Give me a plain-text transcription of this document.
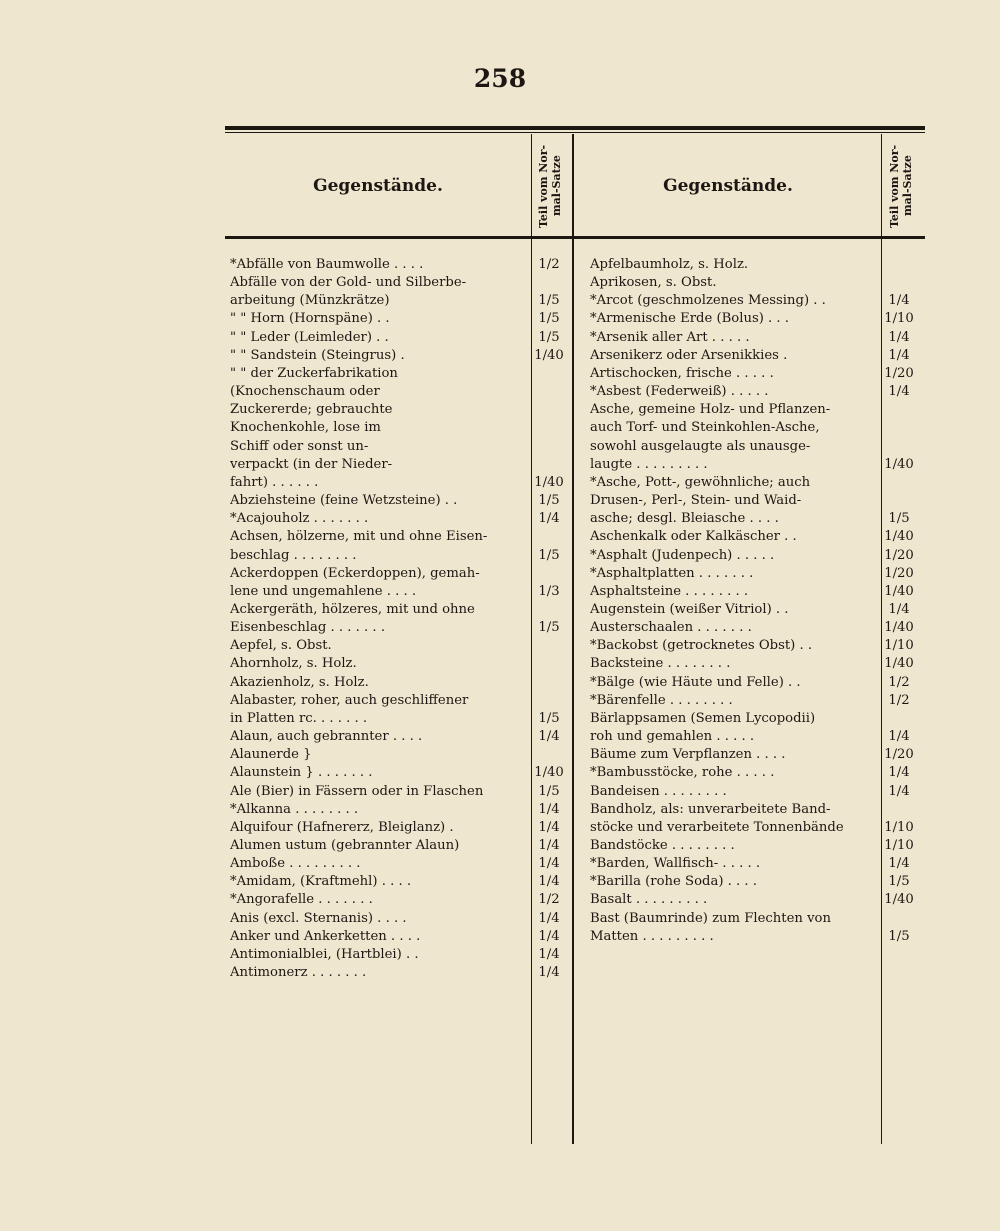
258
Gegenstände.	Teil vom Nor-mal-Satze	Gegenstände.	Teil vom Nor-mal-Satze
*Abfälle von Baumwolle . . . .	1/2
Abfälle von der Gold- und Silberbe-
arbeitung (Münzkrätze)	1/5
" " Horn (Hornspäne) . .	1/5
" " Leder (Leimleder) . .	1/5
" " Sandstein (Steingrus) .	1/40
" " der Zuckerfabrikation
(Knochenschaum oder
Zuckererde; gebrauchte
Knochenkohle, lose im
Schiff oder sonst un-
verpackt (in der Nieder-
fahrt) . . . . . .	1/40
Abziehsteine (feine Wetzsteine) . .	1/5
*Acajouholz . . . . . . .	1/4
Achsen, hölzerne, mit und ohne Eisen-
beschlag . . . . . . . .	1/5
Ackerdoppen (Eckerdoppen), gemah-
lene und ungemahlene . . . .	1/3
Ackergeräth, hölzeres, mit und ohne
Eisenbeschlag . . . . . . .	1/5
Aepfel, s. Obst.
Ahornholz, s. Holz.
Akazienholz, s. Holz.
Alabaster, roher, auch geschliffener
in Platten rc. . . . . . .	1/5
Alaun, auch gebrannter . . . .	1/4
Alaunerde }
Alaunstein } . . . . . . .	1/40
Ale (Bier) in Fässern oder in Flaschen	1/5
*Alkanna . . . . . . . .	1/4
Alquifour (Hafnererz, Bleiglanz) .	1/4
Alumen ustum (gebrannter Alaun)	1/4
Amboße . . . . . . . . .	1/4
*Amidam, (Kraftmehl) . . . .	1/4
*Angorafelle . . . . . . .	1/2
Anis (excl. Sternanis) . . . .	1/4
Anker und Ankerketten . . . .	1/4
Antimonialblei, (Hartblei) . .	1/4
Antimonerz . . . . . . .	1/4
Apfelbaumholz, s. Holz.
Aprikosen, s. Obst.
*Arcot (geschmolzenes Messing) . .	1/4
*Armenische Erde (Bolus) . . .	1/10
*Arsenik aller Art . . . . .	1/4
Arsenikerz oder Arsenikkies .	1/4
Artischocken, frische . . . . .	1/20
*Asbest (Federweiß) . . . . .	1/4
Asche, gemeine Holz- und Pflanzen-
auch Torf- und Steinkohlen-Asche,
sowohl ausgelaugte als unausge-
laugte . . . . . . . . .	1/40
*Asche, Pott-, gewöhnliche; auch
Drusen-, Perl-, Stein- und Waid-
asche; desgl. Bleiasche . . . .	1/5
Aschenkalk oder Kalkäscher . .	1/40
*Asphalt (Judenpech) . . . . .	1/20
*Asphaltplatten . . . . . . .	1/20
Asphaltsteine . . . . . . . .	1/40
Augenstein (weißer Vitriol) . .	1/4
Austerschaalen . . . . . . .	1/40
*Backobst (getrocknetes Obst) . .	1/10
Backsteine . . . . . . . .	1/40
*Bälge (wie Häute und Felle) . .	1/2
*Bärenfelle . . . . . . . .	1/2
Bärlappsamen (Semen Lycopodii)
roh und gemahlen . . . . .	1/4
Bäume zum Verpflanzen . . . .	1/20
*Bambusstöcke, rohe . . . . .	1/4
Bandeisen . . . . . . . .	1/4
Bandholz, als: unverarbeitete Band-
stöcke und verarbeitete Tonnenbände	1/10
Bandstöcke . . . . . . . .	1/10
*Barden, Wallfisch- . . . . .	1/4
*Barilla (rohe Soda) . . . .	1/5
Basalt . . . . . . . . .	1/40
Bast (Baumrinde) zum Flechten von
Matten . . . . . . . . .	1/5
